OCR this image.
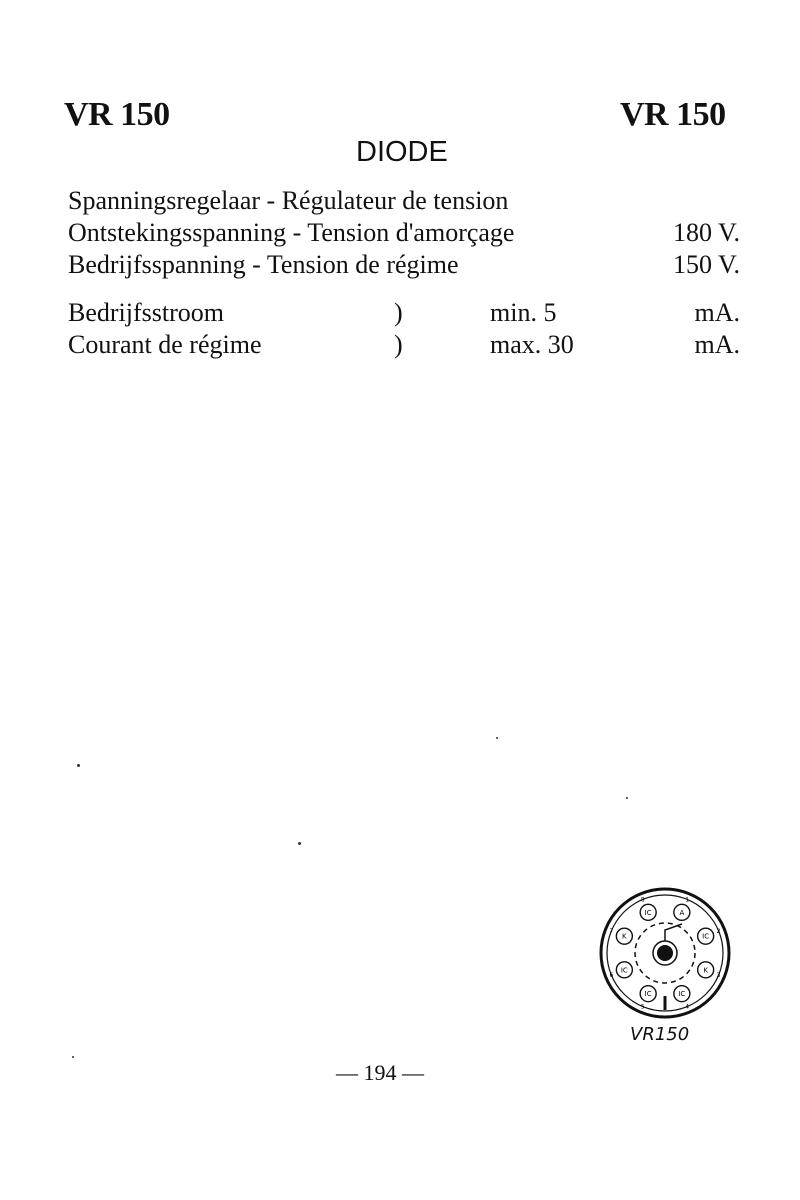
VR 150	VR 150
DIODE
Spanningsregelaar - Régulateur de tension
Ontstekingsspanning - Tension d'amorçage	180 V.
Bedrijfsspanning - Tension de régime	150 V.
Bedrijfsstroom	)	min. 5	mA.
Courant de régime	)	max. 30	mA.
A
IC
K
IC
IC
IC
K
IC
1
2
3
4
5
6
7
8
VR150
— 194 —
